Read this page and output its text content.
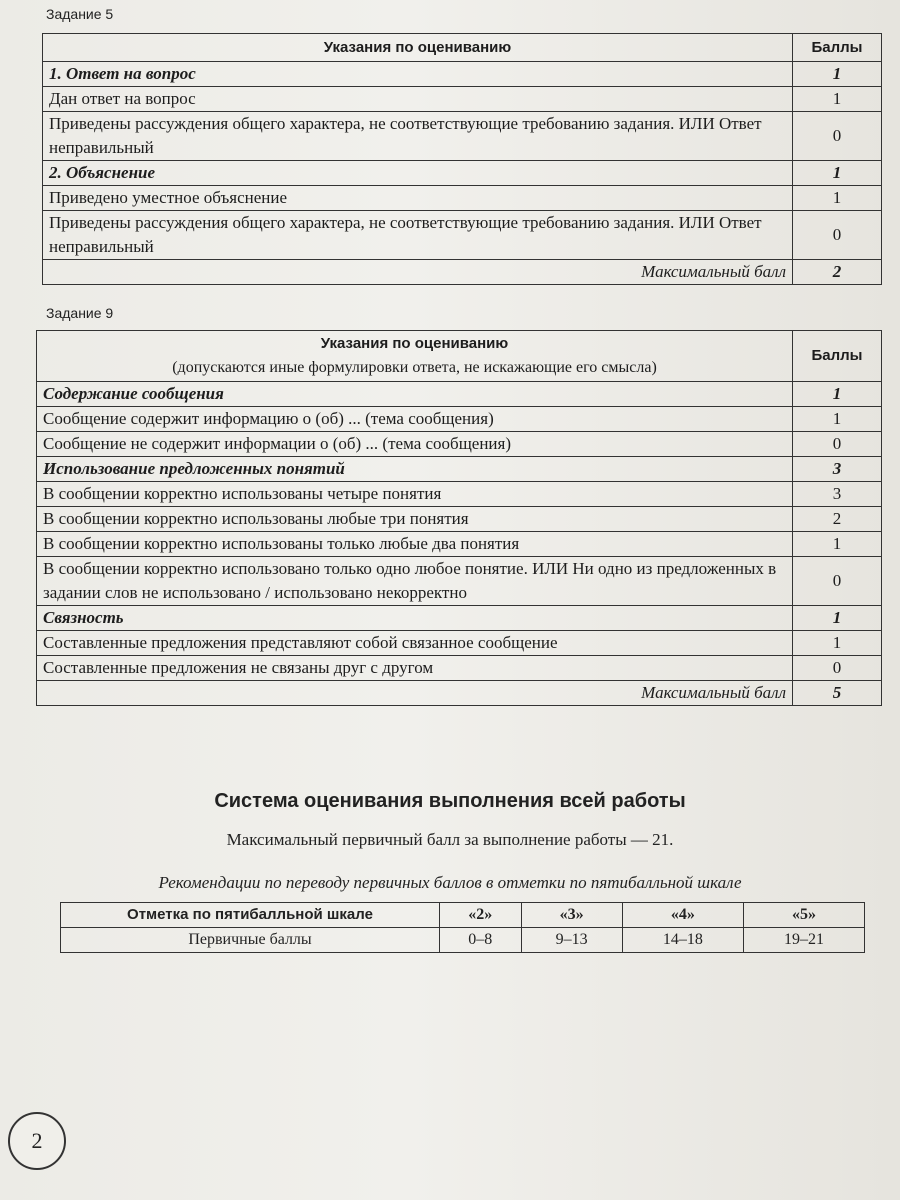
Задание 5
Указания по оцениванию	Баллы
1. Ответ на вопрос	1
Дан ответ на вопрос	1
Приведены рассуждения общего характера, не соответствующие требованию задания. ИЛИ Ответ неправильный	0
2. Объяснение	1
Приведено уместное объяснение	1
Приведены рассуждения общего характера, не соответствующие требованию задания. ИЛИ Ответ неправильный	0
Максимальный балл	2
Задание 9
Указания по оцениванию
(допускаются иные формулировки ответа, не искажающие его смысла)	Баллы
Содержание сообщения	1
Сообщение содержит информацию о (об) ... (тема сообщения)	1
Сообщение не содержит информации о (об) ... (тема сообщения)	0
Использование предложенных понятий	3
В сообщении корректно использованы четыре понятия	3
В сообщении корректно использованы любые три понятия	2
В сообщении корректно использованы только любые два понятия	1
В сообщении корректно использовано только одно любое понятие. ИЛИ Ни одно из предложенных в задании слов не использовано / использовано некорректно	0
Связность	1
Составленные предложения представляют собой связанное сообщение	1
Составленные предложения не связаны друг с другом	0
Максимальный балл	5
Система оценивания выполнения всей работы
Максимальный первичный балл за выполнение работы — 21.
Рекомендации по переводу первичных баллов в отметки по пятибалльной шкале
Отметка по пятибалльной шкале	«2»	«3»	«4»	«5»
Первичные баллы	0–8	9–13	14–18	19–21
2
